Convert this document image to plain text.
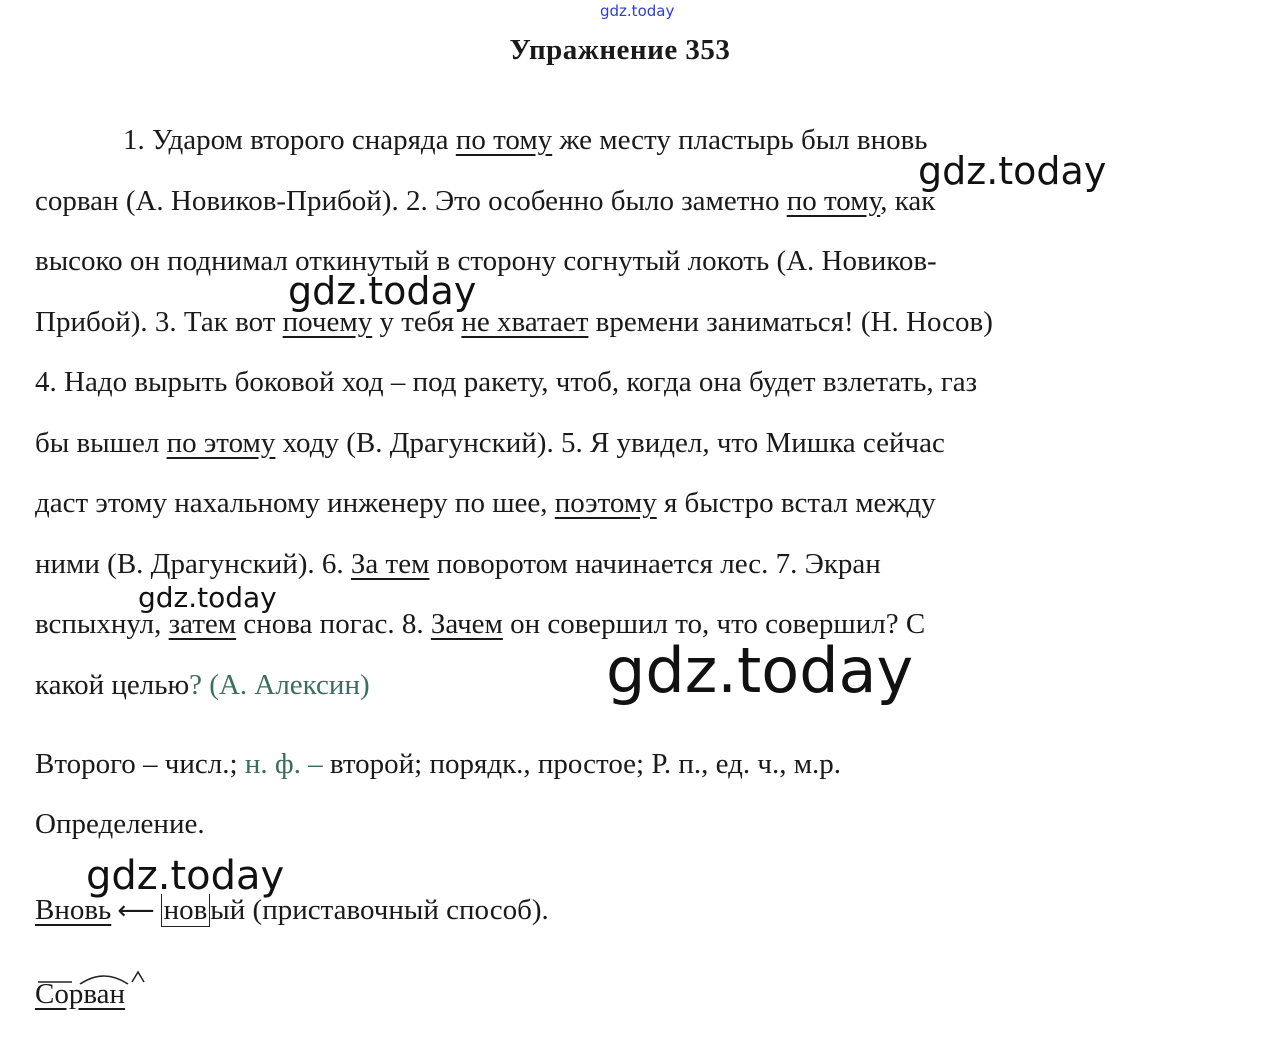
gdz.today
gdz.today
gdz.today
gdz.today
gdz.today
gdz.today
Упражнение 353
1. Ударом второго снаряда по тому же месту пластырь был вновь
сорван (А. Новиков-Прибой). 2. Это особенно было заметно по тому, как
высоко он поднимал откинутый в сторону согнутый локоть (А. Новиков-
Прибой). 3. Так вот почему у тебя не хватает времени заниматься! (Н. Носов)
4. Надо вырыть боковой ход – под ракету, чтоб, когда она будет взлетать, газ
бы вышел по этому ходу (В. Драгунский). 5. Я увидел, что Мишка сейчас
даст этому нахальному инженеру по шее, поэтому я быстро встал между
ними (В. Драгунский). 6. За тем поворотом начинается лес. 7. Экран
вспыхнул, затем снова погас. 8. Зачем он совершил то, что совершил? С
какой целью? (А. Алексин)
Второго – числ.; н. ф. – второй; порядк., простое; Р. п., ед. ч., м.р.
Определение.
Вновь ⟵ нов ый (приставочный способ).
Сорван
